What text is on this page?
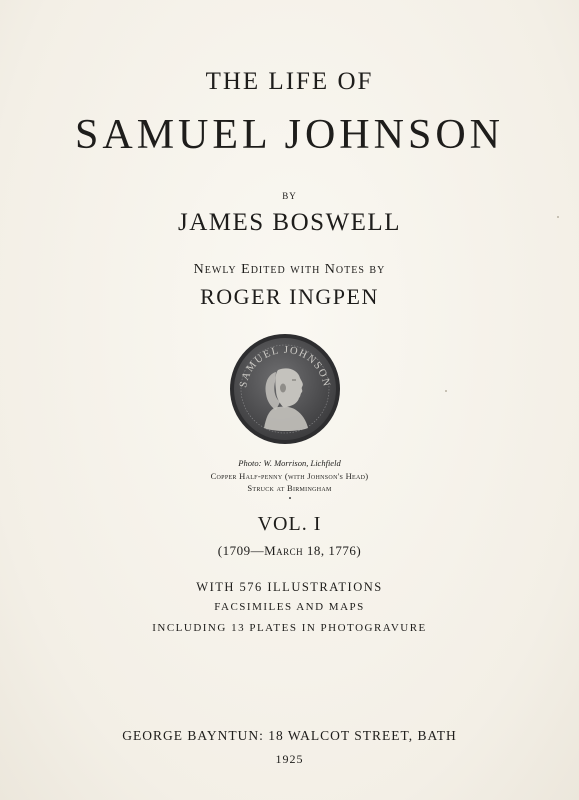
THE LIFE OF
SAMUEL JOHNSON
BY
JAMES BOSWELL
Newly Edited with Notes by
ROGER INGPEN
SAMUEL JOHNSON
Photo: W. Morrison, Lichfield
Copper Half-penny (with Johnson's Head)
Struck at Birmingham
VOL. I
(1709—March 18, 1776)
WITH 576 ILLUSTRATIONS
FACSIMILES AND MAPS
INCLUDING 13 PLATES IN PHOTOGRAVURE
GEORGE BAYNTUN: 18 WALCOT STREET, BATH
1925
